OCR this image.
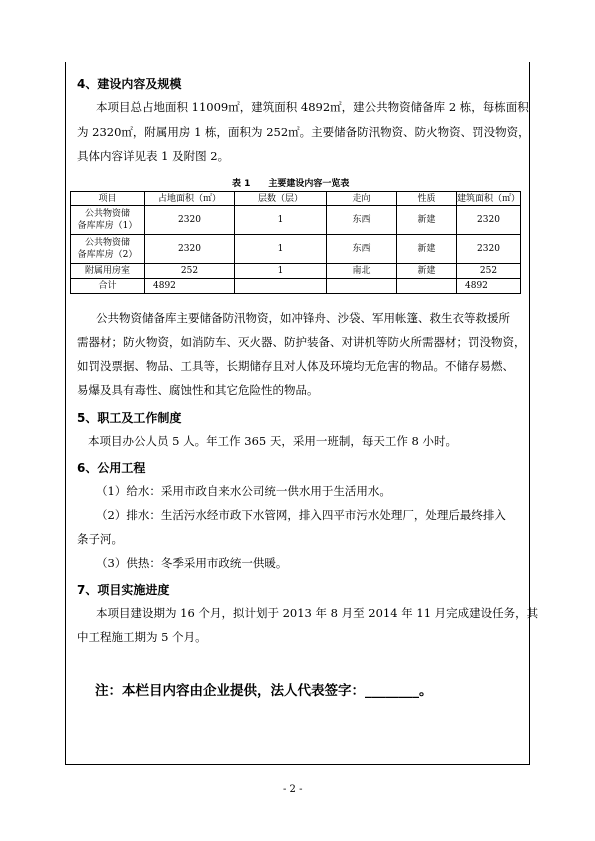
4、建设内容及规模
本项目总占地面积 11009㎡，建筑面积 4892㎡，建公共物资储备库 2 栋，每栋面积
为 2320㎡，附属用房 1 栋，面积为 252㎡。主要储备防汛物资、防火物资、罚没物资，
具体内容详见表 1 及附图 2。
表 1　　主要建设内容一览表
项目	占地面积（㎡）	层数（层）	走向	性质	建筑面积（㎡）
公共物资储
备库库房（1）	2320	1	东西	新建	2320
公共物资储
备库库房（2）	2320	1	东西	新建	2320
附属用房室	252	1	南北	新建	252
合计	4892				4892
公共物资储备库主要储备防汛物资，如冲锋舟、沙袋、军用帐篷、救生衣等救援所
需器材；防火物资，如消防车、灭火器、防护装备、对讲机等防火所需器材；罚没物资，
如罚没票据、物品、工具等，长期储存且对人体及环境均无危害的物品。不储存易燃、
易爆及具有毒性、腐蚀性和其它危险性的物品。
5、职工及工作制度
本项目办公人员 5 人。年工作 365 天，采用一班制，每天工作 8 小时。
6、公用工程
（1）给水：采用市政自来水公司统一供水用于生活用水。
（2）排水：生活污水经市政下水管网，排入四平市污水处理厂，处理后最终排入
条子河。
（3）供热：冬季采用市政统一供暖。
7、项目实施进度
本项目建设期为 16 个月，拟计划于 2013 年 8 月至 2014 年 11 月完成建设任务，其
中工程施工期为 5 个月。
注：本栏目内容由企业提供，法人代表签字：________。
- 2 -
